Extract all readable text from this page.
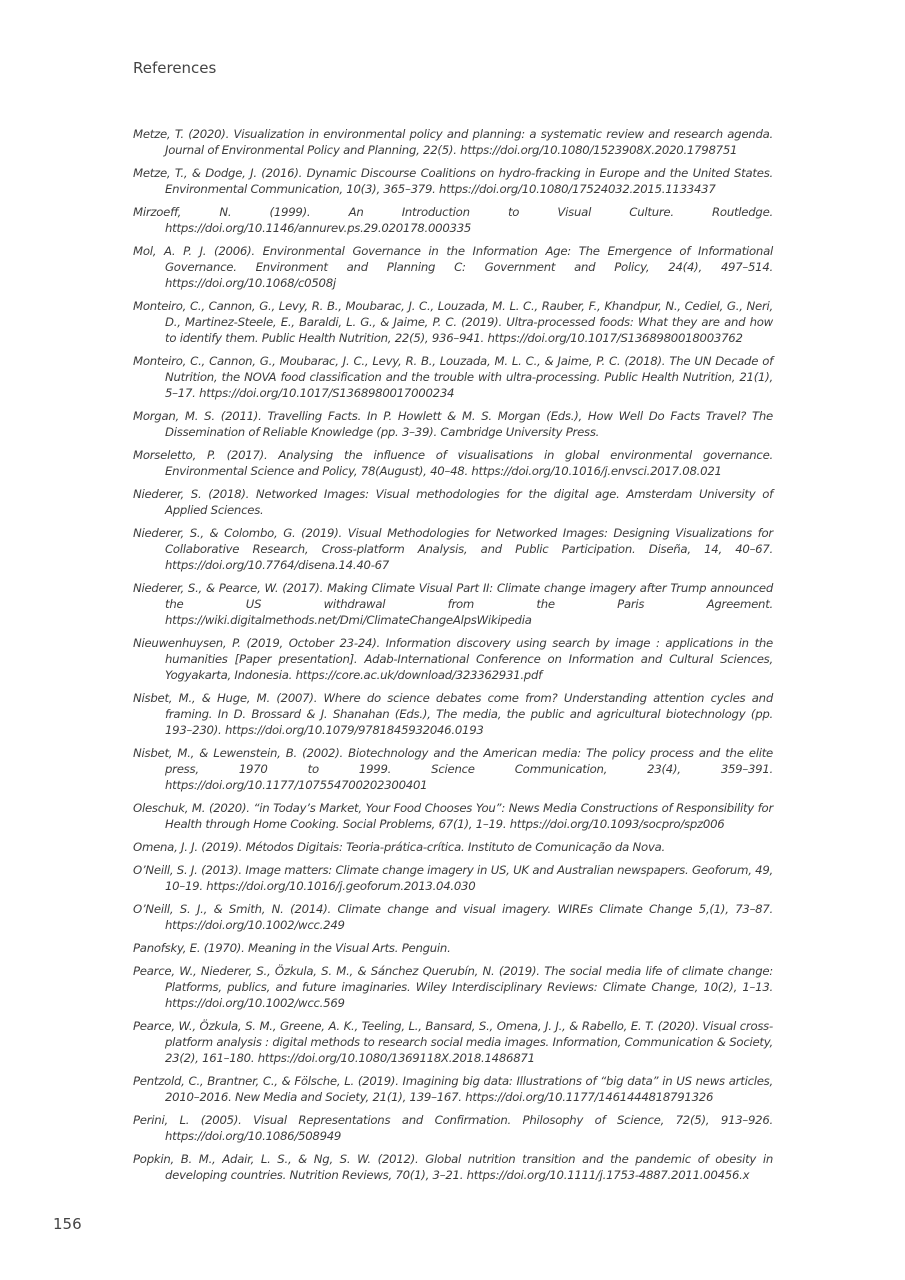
References
Metze, T. (2020). Visualization in environmental policy and planning: a systematic review and research agenda. Journal of Environmental Policy and Planning, 22(5). https://doi.org/10.1080/1523908X.2020.1798751
Metze, T., & Dodge, J. (2016). Dynamic Discourse Coalitions on hydro-fracking in Europe and the United States. Environmental Communication, 10(3), 365–379. https://doi.org/10.1080/17524032.2015.1133437
Mirzoeff, N. (1999). An Introduction to Visual Culture. Routledge. https://doi.org/10.1146/annurev.ps.29.020178.000335
Mol, A. P. J. (2006). Environmental Governance in the Information Age: The Emergence of Informational Governance. Environment and Planning C: Government and Policy, 24(4), 497–514. https://doi.org/10.1068/c0508j
Monteiro, C., Cannon, G., Levy, R. B., Moubarac, J. C., Louzada, M. L. C., Rauber, F., Khandpur, N., Cediel, G., Neri, D., Martinez-Steele, E., Baraldi, L. G., & Jaime, P. C. (2019). Ultra-processed foods: What they are and how to identify them. Public Health Nutrition, 22(5), 936–941. https://doi.org/10.1017/S1368980018003762
Monteiro, C., Cannon, G., Moubarac, J. C., Levy, R. B., Louzada, M. L. C., & Jaime, P. C. (2018). The UN Decade of Nutrition, the NOVA food classification and the trouble with ultra-processing. Public Health Nutrition, 21(1), 5–17. https://doi.org/10.1017/S1368980017000234
Morgan, M. S. (2011). Travelling Facts. In P. Howlett & M. S. Morgan (Eds.), How Well Do Facts Travel? The Dissemination of Reliable Knowledge (pp. 3–39). Cambridge University Press.
Morseletto, P. (2017). Analysing the influence of visualisations in global environmental governance. Environmental Science and Policy, 78(August), 40–48. https://doi.org/10.1016/j.envsci.2017.08.021
Niederer, S. (2018). Networked Images: Visual methodologies for the digital age. Amsterdam University of Applied Sciences.
Niederer, S., & Colombo, G. (2019). Visual Methodologies for Networked Images: Designing Visualizations for Collaborative Research, Cross-platform Analysis, and Public Participation. Diseña, 14, 40–67. https://doi.org/10.7764/disena.14.40-67
Niederer, S., & Pearce, W. (2017). Making Climate Visual Part II: Climate change imagery after Trump announced the US withdrawal from the Paris Agreement. https://wiki.digitalmethods.net/Dmi/ClimateChangeAlpsWikipedia
Nieuwenhuysen, P. (2019, October 23-24). Information discovery using search by image : applications in the humanities [Paper presentation]. Adab-International Conference on Information and Cultural Sciences, Yogyakarta, Indonesia. https://core.ac.uk/download/323362931.pdf
Nisbet, M., & Huge, M. (2007). Where do science debates come from? Understanding attention cycles and framing. In D. Brossard & J. Shanahan (Eds.), The media, the public and agricultural biotechnology (pp. 193–230). https://doi.org/10.1079/9781845932046.0193
Nisbet, M., & Lewenstein, B. (2002). Biotechnology and the American media: The policy process and the elite press, 1970 to 1999. Science Communication, 23(4), 359–391. https://doi.org/10.1177/107554700202300401
Oleschuk, M. (2020). “in Today’s Market, Your Food Chooses You”: News Media Constructions of Responsibility for Health through Home Cooking. Social Problems, 67(1), 1–19. https://doi.org/10.1093/socpro/spz006
Omena, J. J. (2019). Métodos Digitais: Teoria-prática-crítica. Instituto de Comunicação da Nova.
O’Neill, S. J. (2013). Image matters: Climate change imagery in US, UK and Australian newspapers. Geoforum, 49, 10–19. https://doi.org/10.1016/j.geoforum.2013.04.030
O’Neill, S. J., & Smith, N. (2014). Climate change and visual imagery. WIREs Climate Change 5,(1), 73–87. https://doi.org/10.1002/wcc.249
Panofsky, E. (1970). Meaning in the Visual Arts. Penguin.
Pearce, W., Niederer, S., Özkula, S. M., & Sánchez Querubín, N. (2019). The social media life of climate change: Platforms, publics, and future imaginaries. Wiley Interdisciplinary Reviews: Climate Change, 10(2), 1–13. https://doi.org/10.1002/wcc.569
Pearce, W., Özkula, S. M., Greene, A. K., Teeling, L., Bansard, S., Omena, J. J., & Rabello, E. T. (2020). Visual cross-platform analysis : digital methods to research social media images. Information, Communication & Society, 23(2), 161–180. https://doi.org/10.1080/1369118X.2018.1486871
Pentzold, C., Brantner, C., & Fölsche, L. (2019). Imagining big data: Illustrations of “big data” in US news articles, 2010–2016. New Media and Society, 21(1), 139–167. https://doi.org/10.1177/1461444818791326
Perini, L. (2005). Visual Representations and Confirmation. Philosophy of Science, 72(5), 913–926. https://doi.org/10.1086/508949
Popkin, B. M., Adair, L. S., & Ng, S. W. (2012). Global nutrition transition and the pandemic of obesity in developing countries. Nutrition Reviews, 70(1), 3–21. https://doi.org/10.1111/j.1753-4887.2011.00456.x
156
